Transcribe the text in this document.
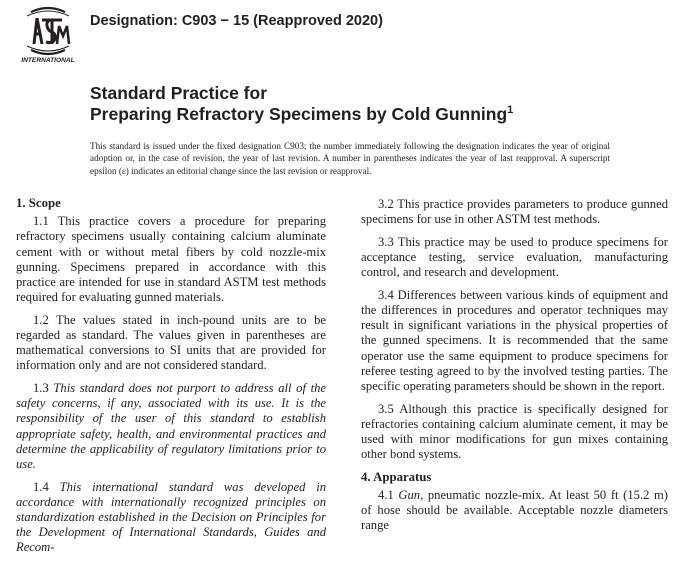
INTERNATIONAL
Designation: C903 − 15 (Reapproved 2020)
Standard Practice for
Preparing Refractory Specimens by Cold Gunning$^1$
This standard is issued under the fixed designation C903; the number immediately following the designation indicates the year of original adoption or, in the case of revision, the year of last revision. A number in parentheses indicates the year of last reapproval. A superscript epsilon (ε) indicates an editorial change since the last revision or reapproval.
1. Scope

1.1 This practice covers a procedure for preparing refractory specimens usually containing calcium aluminate cement with or without metal fibers by cold nozzle-mix gunning. Specimens prepared in accordance with this practice are intended for use in standard ASTM test methods required for evaluating gunned materials.

1.2 The values stated in inch-pound units are to be regarded as standard. The values given in parentheses are mathematical conversions to SI units that are provided for information only and are not considered standard.

1.3 This standard does not purport to address all of the safety concerns, if any, associated with its use. It is the responsibility of the user of this standard to establish appropriate safety, health, and environmental practices and determine the applicability of regulatory limitations prior to use.

1.4 This international standard was developed in accordance with internationally recognized principles on standardization established in the Decision on Principles for the Development of International Standards, Guides and Recom-

3.2 This practice provides parameters to produce gunned specimens for use in other ASTM test methods.

3.3 This practice may be used to produce specimens for acceptance testing, service evaluation, manufacturing control, and research and development.

3.4 Differences between various kinds of equipment and the differences in procedures and operator techniques may result in significant variations in the physical properties of the gunned specimens. It is recommended that the same operator use the same equipment to produce specimens for referee testing agreed to by the involved testing parties. The specific operating parameters should be shown in the report.

3.5 Although this practice is specifically designed for refractories containing calcium aluminate cement, it may be used with minor modifications for gun mixes containing other bond systems.

4. Apparatus

4.1 Gun, pneumatic nozzle-mix. At least 50 ft (15.2 m) of hose should be available. Acceptable nozzle diameters range
